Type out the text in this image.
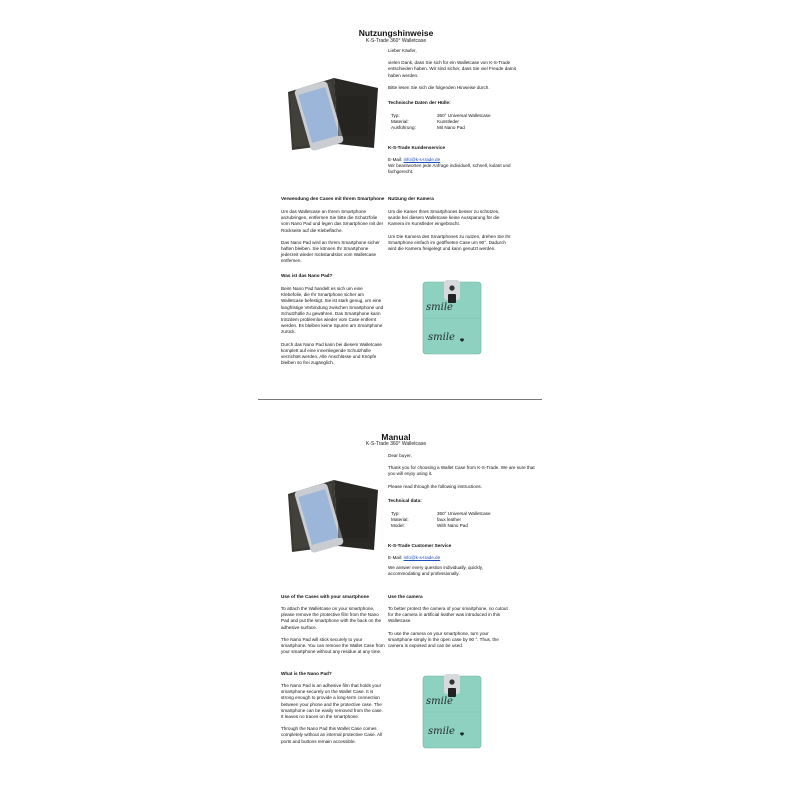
Nutzungshinweise
K-S-Trade 360° Walletcase

Lieber Käufer,

vielen Dank, dass Sie sich für ein Walletcase von K-S-Trade entschieden haben. Wir sind sicher, dass Sie viel Freude damit haben werden.

Bitte lesen Sie sich die folgenden Hinweise durch.

Technische Daten der Hülle:
Typ:	360° Universal Walletcase
Material:	Kunstleder
Ausführung:	Mit Nano Pad
K-S-Trade Kundenservice
E-Mail: info@k-s-trade.de
Wir beantworten jede Anfrage individuell, schnell, kulant und fachgerecht.
Verwendung des Cases mit Ihrem Smartphone

Um das Walletcase an Ihrem Smartphone anzubringen, entfernen Sie bitte die Schutzfolie vom Nano Pad und legen das Smartphone mit der Rückseite auf die Klebefläche.

Das Nano Pad wird an Ihrem Smartphone sicher haften bleiben. Sie können Ihr Smartphone jederzeit wieder rückstandslos vom Walletcase entfernen.

Was ist das Nano Pad?

Beim Nano Pad handelt es sich um eine Klebefolie, die Ihr Smartphone sicher am Walletcase befestigt. Sie ist stark genug, um eine langfristige Verbindung zwischen Smartphone und Schutzhülle zu gewähren. Das Smartphone kann trotzdem problemlos wieder vom Case entfernt werden. Es bleiben keine Spuren am Smartphone zurück.

Durch das Nano Pad kann bei diesem Walletcase komplett auf eine innenliegende Schutzhülle verzichtet werden. Alle Anschlüsse und Knöpfe bleiben so frei zugänglich.

Nutzung der Kamera

Um die Kamer Ihres Smartphones besser zu schützen, wurde bei diesem Walletcase keine Aussparung für die Kamera im Kunstleder eingebracht.

Um Die Kamera des Smartphones zu nutzen, drehen Sie Ihr Smartphone einfach im geöffneten Case um 90°. Dadurch wird die Kamera freigelegt und kann genutzt werden.

smile
smile
Manual
K-S-Trade 360° Walletcase

Dear buyer,

Thank you for choosing a Wallet Case from K-S-Trade. We are sure that you will enjoy using it.

Please read through the following instructions.

Technical data:
Typ:	360° Universal Walletcase
Material:	faux leather
Model:	With Nano Pad
K-S-Trade Customer Service

E-Mail: info@k-s-trade.de

We answer every question individually, quickly, accommodating and professionally.

Use of the Cases with your smartphone

To attach the Walletcase on your smartphone, please remove the protective film from the Nano Pad and put the smartphone with the back on the adhesive surface.

The Nano Pad will stick securely to your smartphone. You can remove the Wallet Case from your smartphone without any residue at any time.

What is the Nano Pad?

The Nano Pad is an adhesive film that holds your smartphone securely on the Wallet Case. It is strong enough to provide a long-term connection between your phone and the protective case. The smartphone can be easily removed from the case. It leaves no traces on the smartphone.

Through the Nano Pad this Wallet Case comes completely without an internal protective Case. All ports and buttons remain accessible.

Use the camera

To better protect the camera of your smartphone, no cutout for the camera in artificial leather was introduced in this Walletcase.

To use the camera on your smartphone, turn your smartphone simply in the open case by 90 °. Thus, the camera is exposed and can be used.

smile
smile
